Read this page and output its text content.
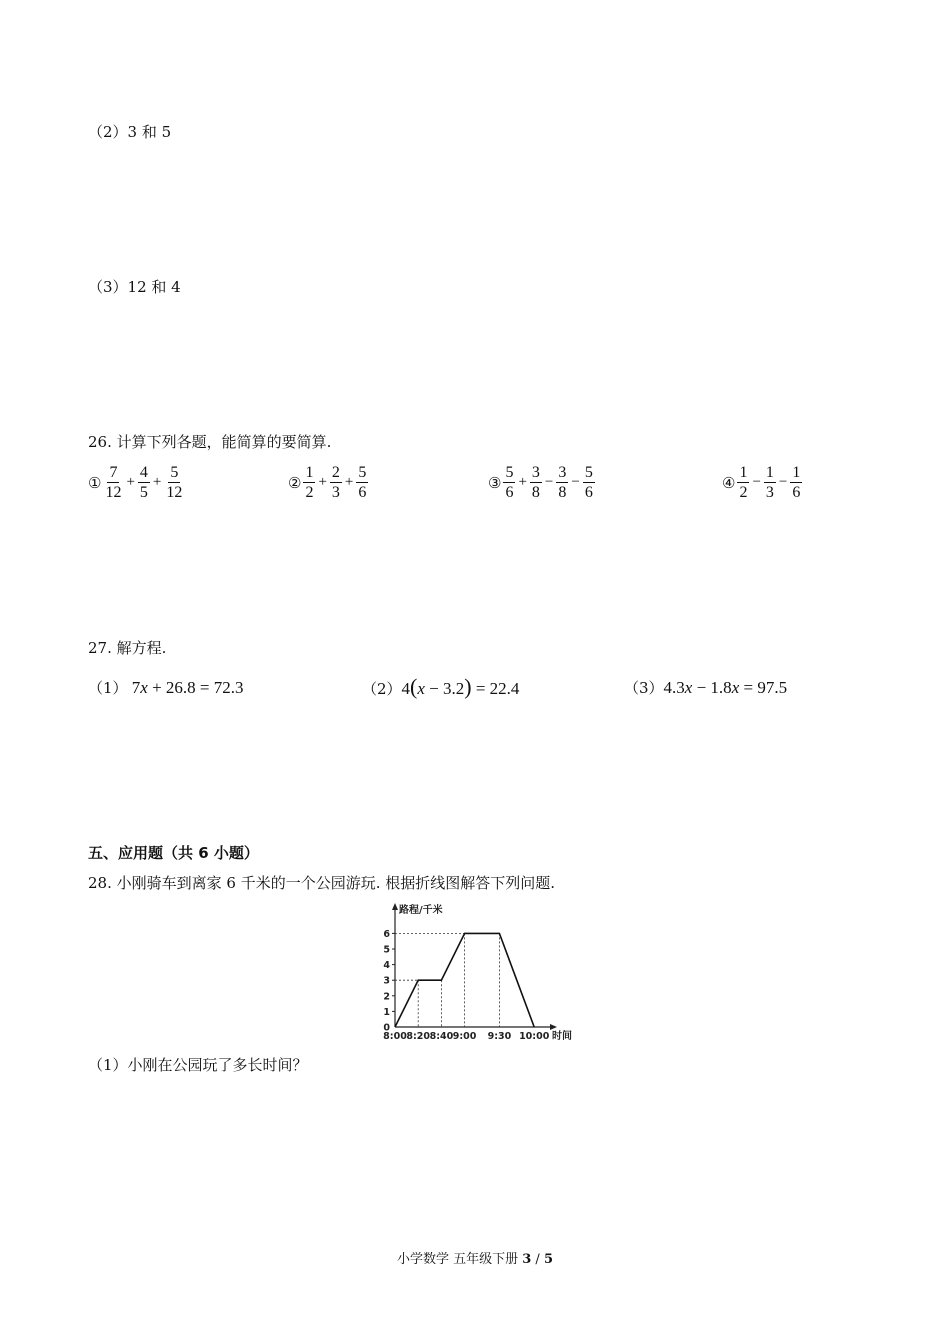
（2）3 和 5
（3）12 和 4
26. 计算下列各题，能简算的要简算.
① $\frac{7}{12} + \frac{4}{5} + \frac{5}{12}$	② $\frac{1}{2} + \frac{2}{3} + \frac{5}{6}$	③ $\frac{5}{6} + \frac{3}{8} - \frac{3}{8} - \frac{5}{6}$	④ $\frac{1}{2} - \frac{1}{3} - \frac{1}{6}$
27. 解方程.
（1） 7x + 26.8 = 72.3	（2） 4(x − 3.2) = 22.4	（3） 4.3x − 1.8x = 97.5
五、应用题（共 6 小题）
28. 小刚骑车到离家 6 千米的一个公园游玩. 根据折线图解答下列问题.
路程/千米
时间
0
1
2
3
4
5
6
8:00 8:20 8:40 9:00 9:30 10:00
（1）小刚在公园玩了多长时间？
小学数学 五年级下册 3 / 5
